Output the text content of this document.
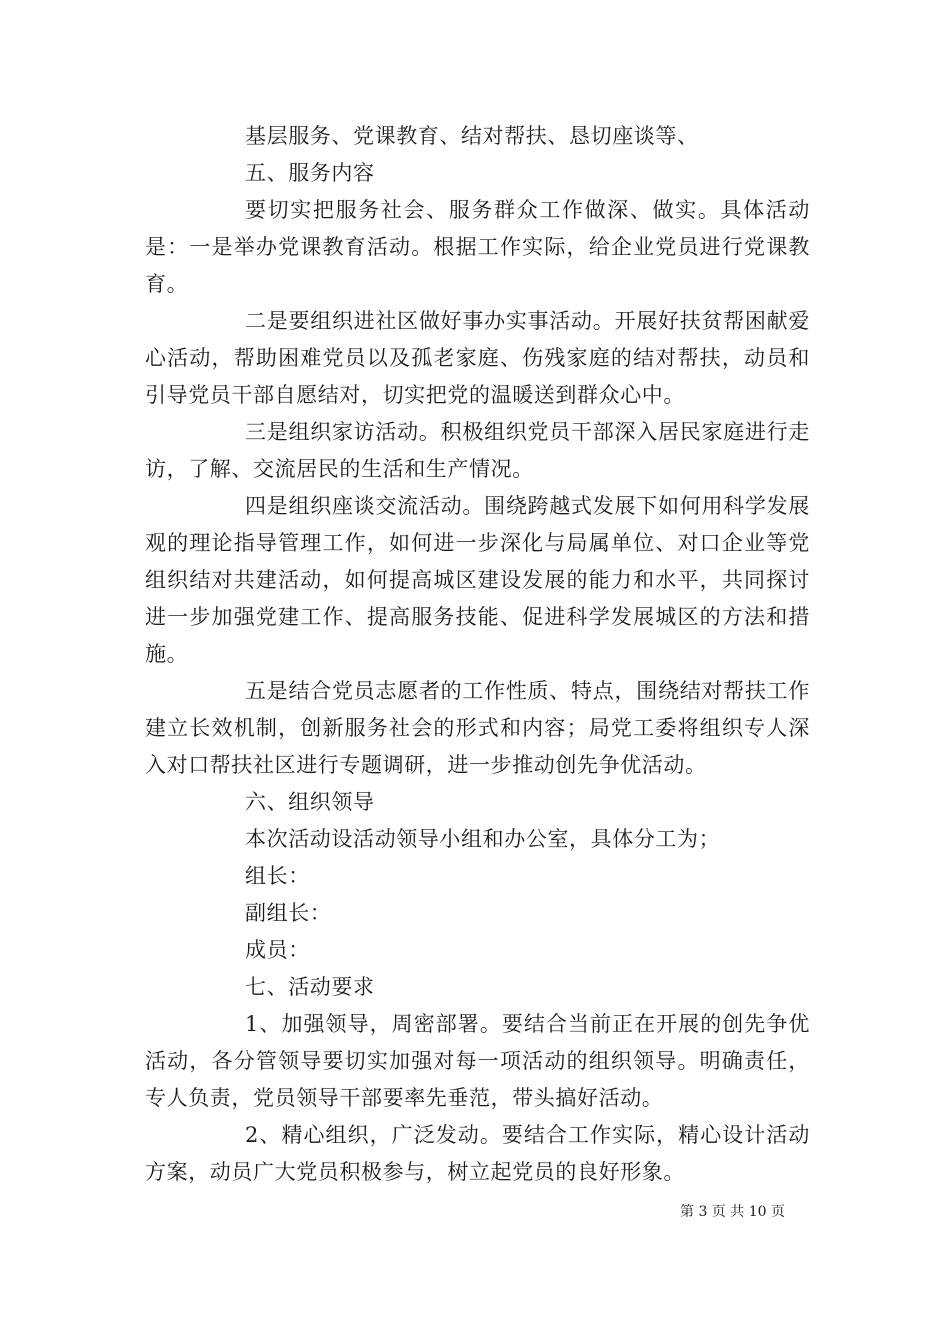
基层服务、党课教育、结对帮扶、恳切座谈等、

五、服务内容

要切实把服务社会、服务群众工作做深、做实。具体活动是：一是举办党课教育活动。根据工作实际，给企业党员进行党课教育。

二是要组织进社区做好事办实事活动。开展好扶贫帮困献爱心活动，帮助困难党员以及孤老家庭、伤残家庭的结对帮扶，动员和引导党员干部自愿结对，切实把党的温暖送到群众心中。

三是组织家访活动。积极组织党员干部深入居民家庭进行走访，了解、交流居民的生活和生产情况。

四是组织座谈交流活动。围绕跨越式发展下如何用科学发展观的理论指导管理工作，如何进一步深化与局属单位、对口企业等党组织结对共建活动，如何提高城区建设发展的能力和水平，共同探讨进一步加强党建工作、提高服务技能、促进科学发展城区的方法和措施。

五是结合党员志愿者的工作性质、特点，围绕结对帮扶工作建立长效机制，创新服务社会的形式和内容；局党工委将组织专人深入对口帮扶社区进行专题调研，进一步推动创先争优活动。

六、组织领导

本次活动设活动领导小组和办公室，具体分工为；

组长：

副组长：

成员：

七、活动要求

1、加强领导，周密部署。要结合当前正在开展的创先争优活动，各分管领导要切实加强对每一项活动的组织领导。明确责任，专人负责，党员领导干部要率先垂范，带头搞好活动。

2、精心组织，广泛发动。要结合工作实际，精心设计活动方案，动员广大党员积极参与，树立起党员的良好形象。

第 3 页 共 10 页
